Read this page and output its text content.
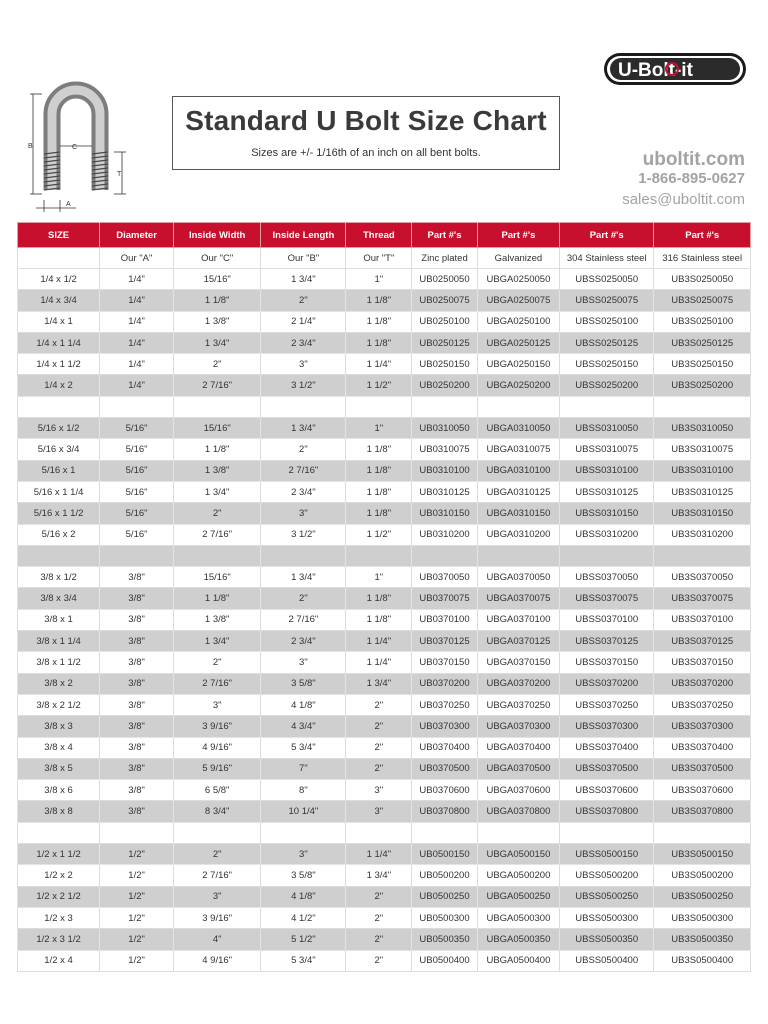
B	C
T
A
Standard U Bolt Size Chart

Sizes are +/- 1/16th of an inch on all bent bolts.

U-Bolt-it
uboltit.com
1-866-895-0627
sales@uboltit.com
SIZE	Diameter	Inside Width	Inside Length	Thread	Part #'s	Part #'s	Part #'s	Part #'s
	Our "A"	Our "C"	Our "B"	Our "T"	Zinc plated	Galvanized	304 Stainless steel	316 Stainless steel
1/4 x 1/2	1/4"	15/16"	1 3/4"	1"	UB0250050	UBGA0250050	UBSS0250050	UB3S0250050
1/4 x 3/4	1/4"	1 1/8"	2"	1 1/8"	UB0250075	UBGA0250075	UBSS0250075	UB3S0250075
1/4 x 1	1/4"	1 3/8"	2 1/4"	1 1/8"	UB0250100	UBGA0250100	UBSS0250100	UB3S0250100
1/4 x 1 1/4	1/4"	1 3/4"	2 3/4"	1 1/8"	UB0250125	UBGA0250125	UBSS0250125	UB3S0250125
1/4 x 1 1/2	1/4"	2"	3"	1 1/4"	UB0250150	UBGA0250150	UBSS0250150	UB3S0250150
1/4 x 2	1/4"	2 7/16"	3 1/2"	1 1/2"	UB0250200	UBGA0250200	UBSS0250200	UB3S0250200

5/16 x 1/2	5/16"	15/16"	1 3/4"	1"	UB0310050	UBGA0310050	UBSS0310050	UB3S0310050
5/16 x 3/4	5/16"	1 1/8"	2"	1 1/8"	UB0310075	UBGA0310075	UBSS0310075	UB3S0310075
5/16 x 1	5/16"	1 3/8"	2 7/16"	1 1/8"	UB0310100	UBGA0310100	UBSS0310100	UB3S0310100
5/16 x 1 1/4	5/16"	1 3/4"	2 3/4"	1 1/8"	UB0310125	UBGA0310125	UBSS0310125	UB3S0310125
5/16 x 1 1/2	5/16"	2"	3"	1 1/8"	UB0310150	UBGA0310150	UBSS0310150	UB3S0310150
5/16 x 2	5/16"	2 7/16"	3 1/2"	1 1/2"	UB0310200	UBGA0310200	UBSS0310200	UB3S0310200

3/8 x 1/2	3/8"	15/16"	1 3/4"	1"	UB0370050	UBGA0370050	UBSS0370050	UB3S0370050
3/8 x 3/4	3/8"	1 1/8"	2"	1 1/8"	UB0370075	UBGA0370075	UBSS0370075	UB3S0370075
3/8 x 1	3/8"	1 3/8"	2 7/16"	1 1/8"	UB0370100	UBGA0370100	UBSS0370100	UB3S0370100
3/8 x 1 1/4	3/8"	1 3/4"	2 3/4"	1 1/4"	UB0370125	UBGA0370125	UBSS0370125	UB3S0370125
3/8 x 1 1/2	3/8"	2"	3"	1 1/4"	UB0370150	UBGA0370150	UBSS0370150	UB3S0370150
3/8 x 2	3/8"	2 7/16"	3 5/8"	1 3/4"	UB0370200	UBGA0370200	UBSS0370200	UB3S0370200
3/8 x 2 1/2	3/8"	3"	4 1/8"	2"	UB0370250	UBGA0370250	UBSS0370250	UB3S0370250
3/8 x 3	3/8"	3 9/16"	4 3/4"	2"	UB0370300	UBGA0370300	UBSS0370300	UB3S0370300
3/8 x 4	3/8"	4 9/16"	5 3/4"	2"	UB0370400	UBGA0370400	UBSS0370400	UB3S0370400
3/8 x 5	3/8"	5 9/16"	7"	2"	UB0370500	UBGA0370500	UBSS0370500	UB3S0370500
3/8 x 6	3/8"	6 5/8"	8"	3"	UB0370600	UBGA0370600	UBSS0370600	UB3S0370600
3/8 x 8	3/8"	8 3/4"	10 1/4"	3"	UB0370800	UBGA0370800	UBSS0370800	UB3S0370800

1/2 x 1 1/2	1/2"	2"	3"	1 1/4"	UB0500150	UBGA0500150	UBSS0500150	UB3S0500150
1/2 x 2	1/2"	2 7/16"	3 5/8"	1 3/4"	UB0500200	UBGA0500200	UBSS0500200	UB3S0500200
1/2 x 2 1/2	1/2"	3"	4 1/8"	2"	UB0500250	UBGA0500250	UBSS0500250	UB3S0500250
1/2 x 3	1/2"	3 9/16"	4 1/2"	2"	UB0500300	UBGA0500300	UBSS0500300	UB3S0500300
1/2 x 3 1/2	1/2"	4"	5 1/2"	2"	UB0500350	UBGA0500350	UBSS0500350	UB3S0500350
1/2 x 4	1/2"	4 9/16"	5 3/4"	2"	UB0500400	UBGA0500400	UBSS0500400	UB3S0500400
